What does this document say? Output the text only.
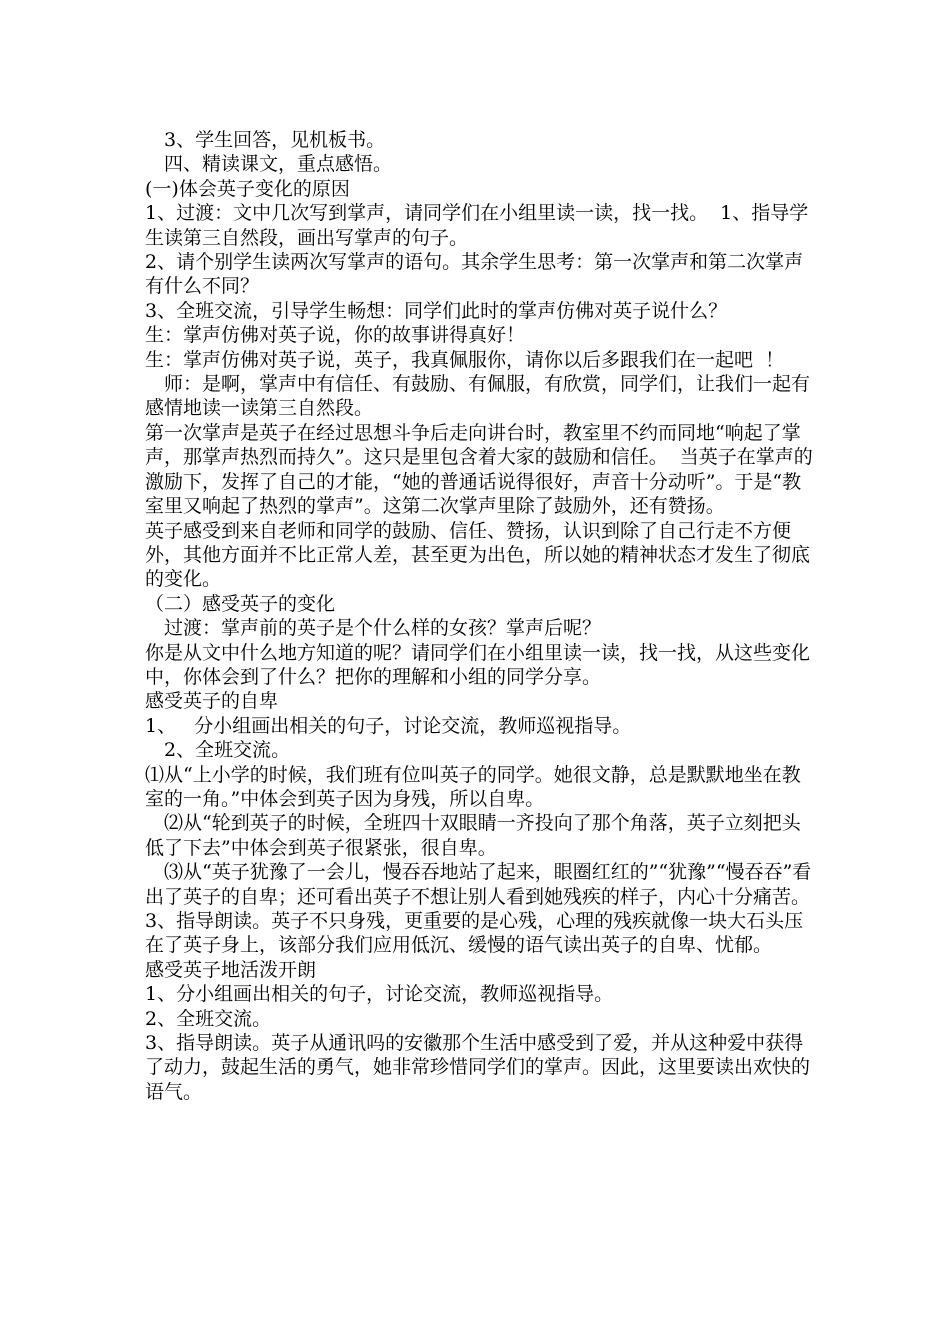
3、学生回答，见机板书。

四、精读课文，重点感悟。

(一)体会英子变化的原因

1、过渡：文中几次写到掌声，请同学们在小组里读一读，找一找。  1、指导学生读第三自然段，画出写掌声的句子。

2、请个别学生读两次写掌声的语句。其余学生思考：第一次掌声和第二次掌声有什么不同？

3、全班交流，引导学生畅想：同学们此时的掌声仿佛对英子说什么？

生：掌声仿佛对英子说，你的故事讲得真好！

生：掌声仿佛对英子说，英子，我真佩服你，请你以后多跟我们在一起吧  ！

师：是啊，掌声中有信任、有鼓励、有佩服，有欣赏，同学们，让我们一起有感情地读一读第三自然段。

第一次掌声是英子在经过思想斗争后走向讲台时，教室里不约而同地“响起了掌声，那掌声热烈而持久”。这只是里包含着大家的鼓励和信任。  当英子在掌声的激励下，发挥了自己的才能，“她的普通话说得很好，声音十分动听”。于是“教室里又响起了热烈的掌声”。这第二次掌声里除了鼓励外，还有赞扬。

英子感受到来自老师和同学的鼓励、信任、赞扬，认识到除了自己行走不方便外，其他方面并不比正常人差，甚至更为出色，所以她的精神状态才发生了彻底的变化。

（二）感受英子的变化

过渡：掌声前的英子是个什么样的女孩？掌声后呢？

你是从文中什么地方知道的呢？请同学们在小组里读一读，找一找，从这些变化中，你体会到了什么？把你的理解和小组的同学分享。

感受英子的自卑

1、   分小组画出相关的句子，讨论交流，教师巡视指导。

2、全班交流。

⑴从“上小学的时候，我们班有位叫英子的同学。她很文静，总是默默地坐在教室的一角。”中体会到英子因为身残，所以自卑。

⑵从“轮到英子的时候，全班四十双眼睛一齐投向了那个角落，英子立刻把头低了下去”中体会到英子很紧张，很自卑。

⑶从“英子犹豫了一会儿，慢吞吞地站了起来，眼圈红红的”“犹豫”“慢吞吞”看出了英子的自卑；还可看出英子不想让别人看到她残疾的样子，内心十分痛苦。

3、指导朗读。英子不只身残，更重要的是心残，心理的残疾就像一块大石头压在了英子身上，该部分我们应用低沉、缓慢的语气读出英子的自卑、忧郁。

感受英子地活泼开朗

1、分小组画出相关的句子，讨论交流，教师巡视指导。

2、全班交流。

3、指导朗读。英子从通讯吗的安徽那个生活中感受到了爱，并从这种爱中获得了动力，鼓起生活的勇气，她非常珍惜同学们的掌声。因此，这里要读出欢快的语气。
